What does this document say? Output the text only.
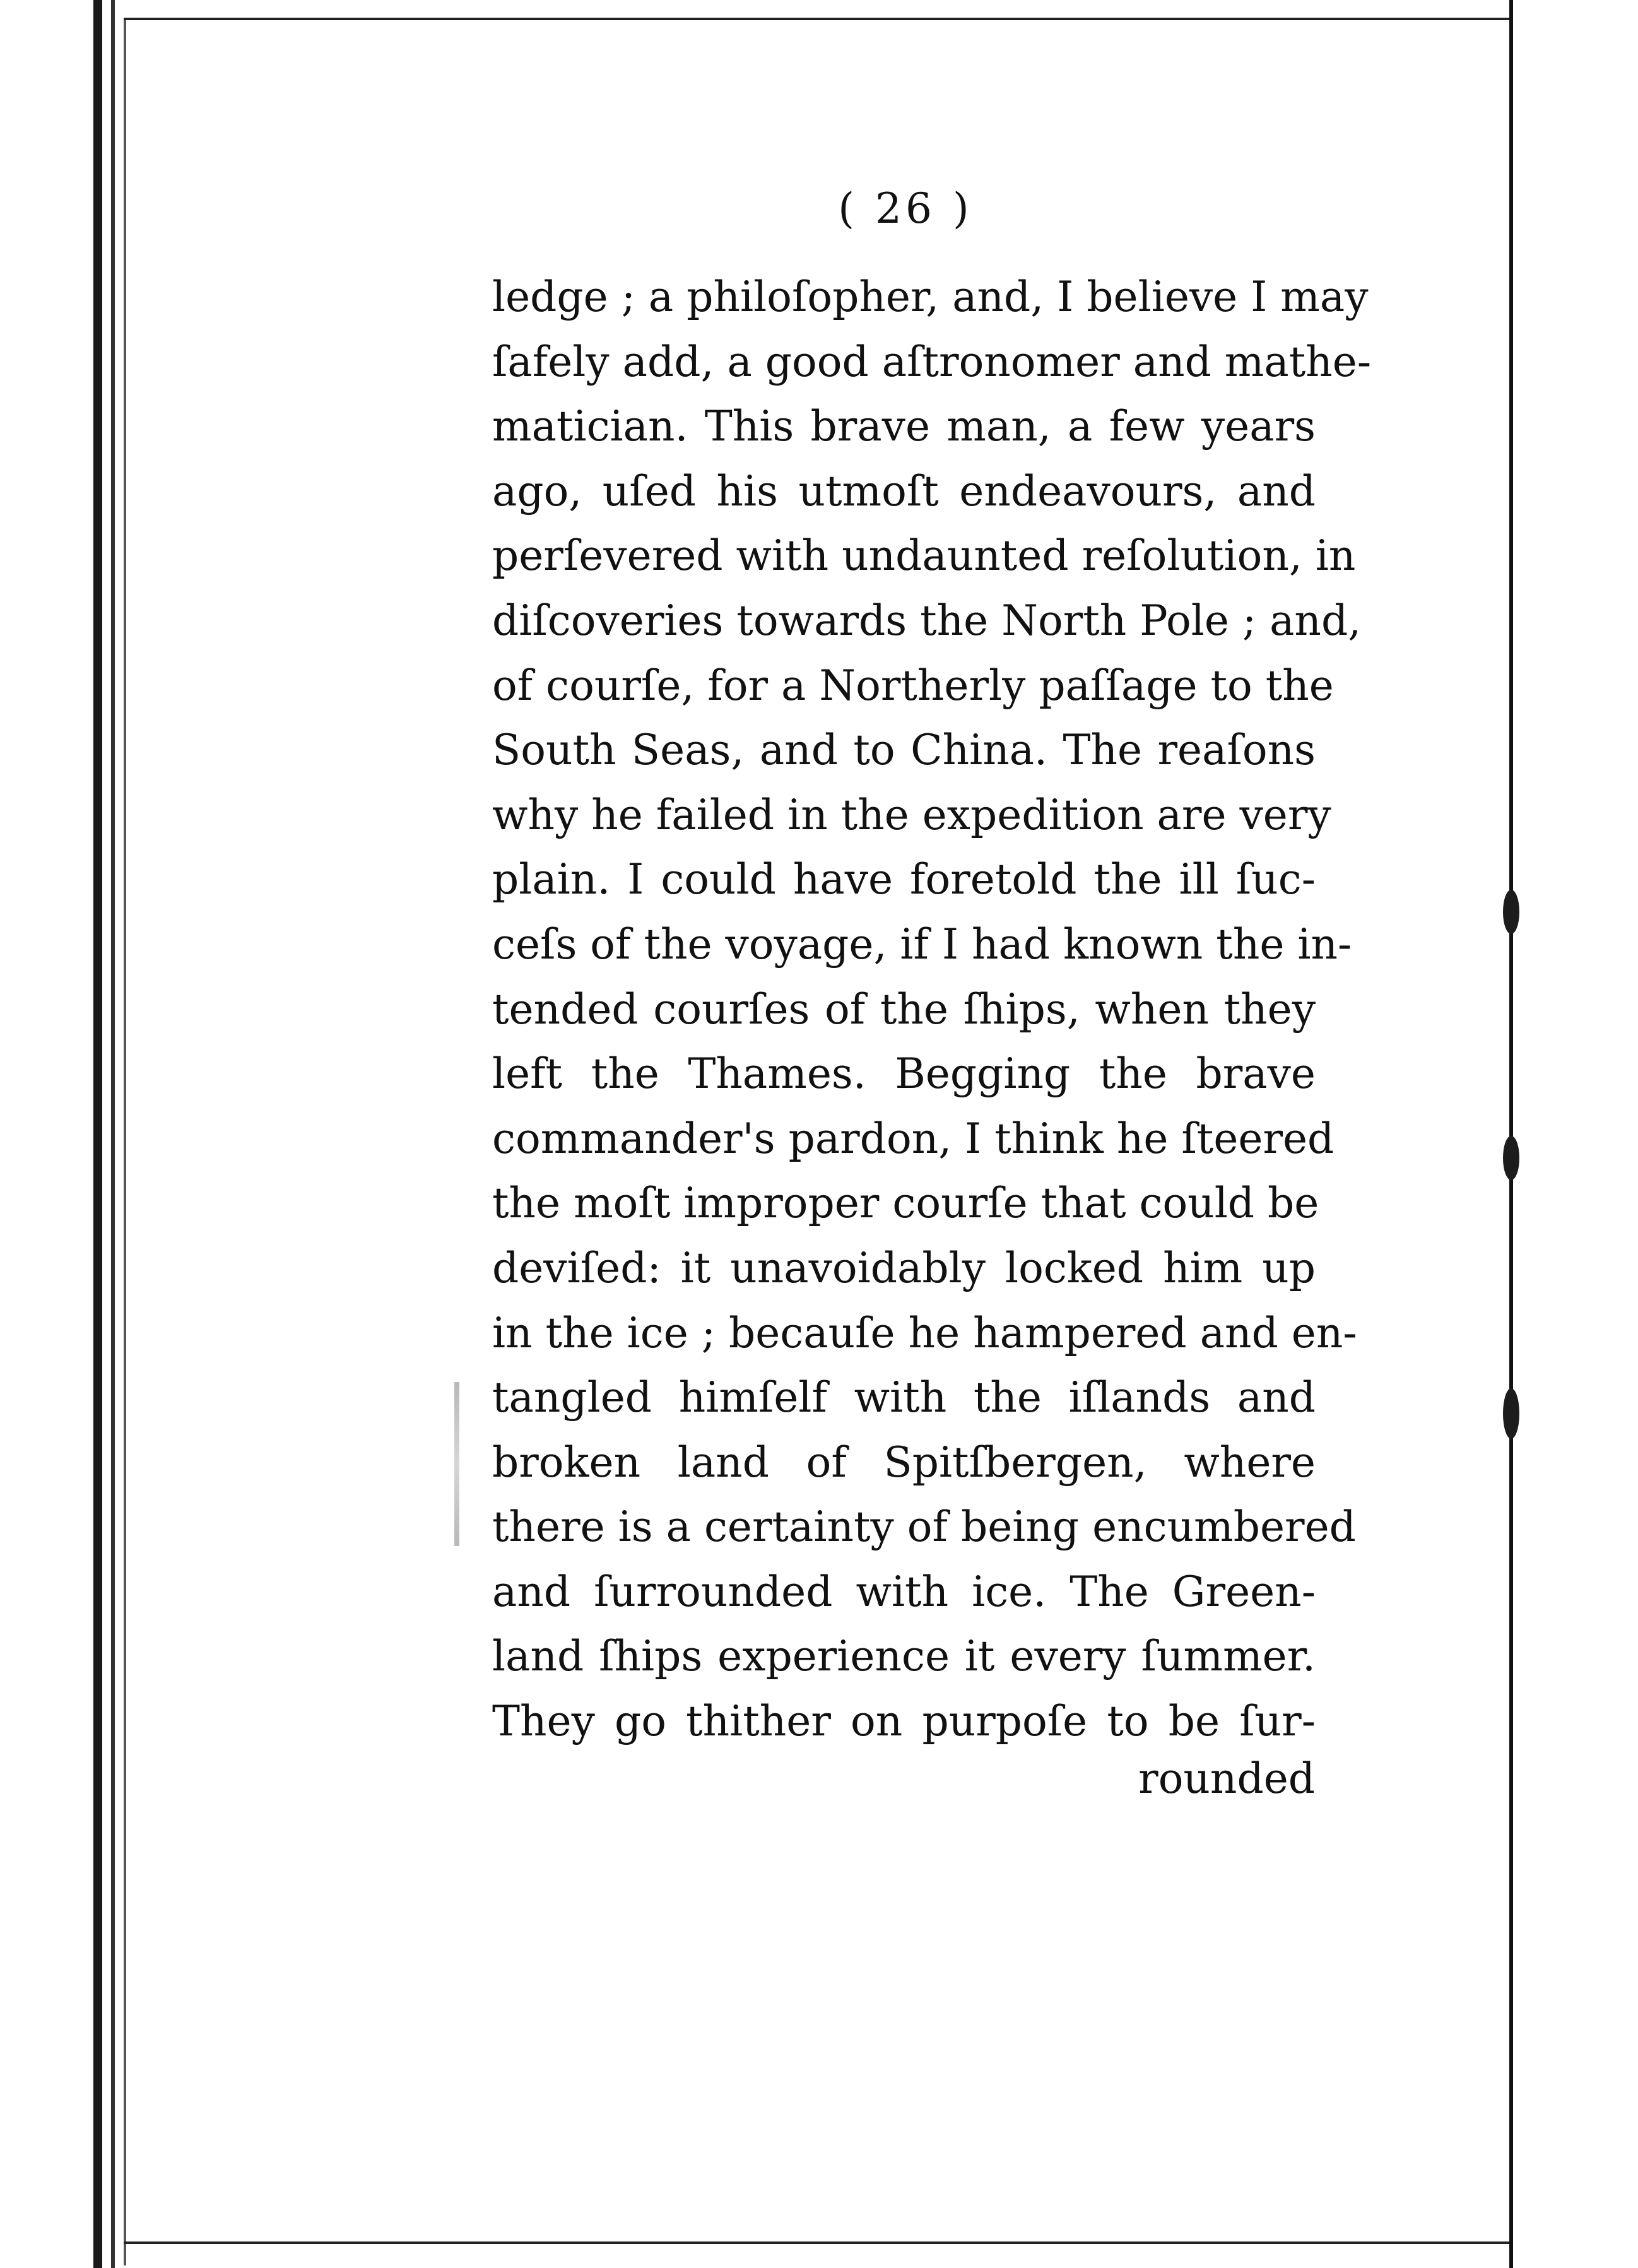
( 26 )
ledge ; a philoſopher, and, I believe I may
ſafely add, a good aſtronomer and mathe-
matician. This brave man, a few years
ago, uſed his utmoſt endeavours, and
perſevered with undaunted reſolution, in
diſcoveries towards the North Pole ; and,
of courſe, for a Northerly paſſage to the
South Seas, and to China. The reaſons
why he failed in the expedition are very
plain. I could have foretold the ill ſuc-
ceſs of the voyage, if I had known the in-
tended courſes of the ſhips, when they
left the Thames. Begging the brave
commander's pardon, I think he ſteered
the moſt improper courſe that could be
deviſed: it unavoidably locked him up
in the ice ; becauſe he hampered and en-
tangled himſelf with the iſlands and
broken land of Spitſbergen, where
there is a certainty of being encumbered
and ſurrounded with ice. The Green-
land ſhips experience it every ſummer.
They go thither on purpoſe to be ſur-
rounded
